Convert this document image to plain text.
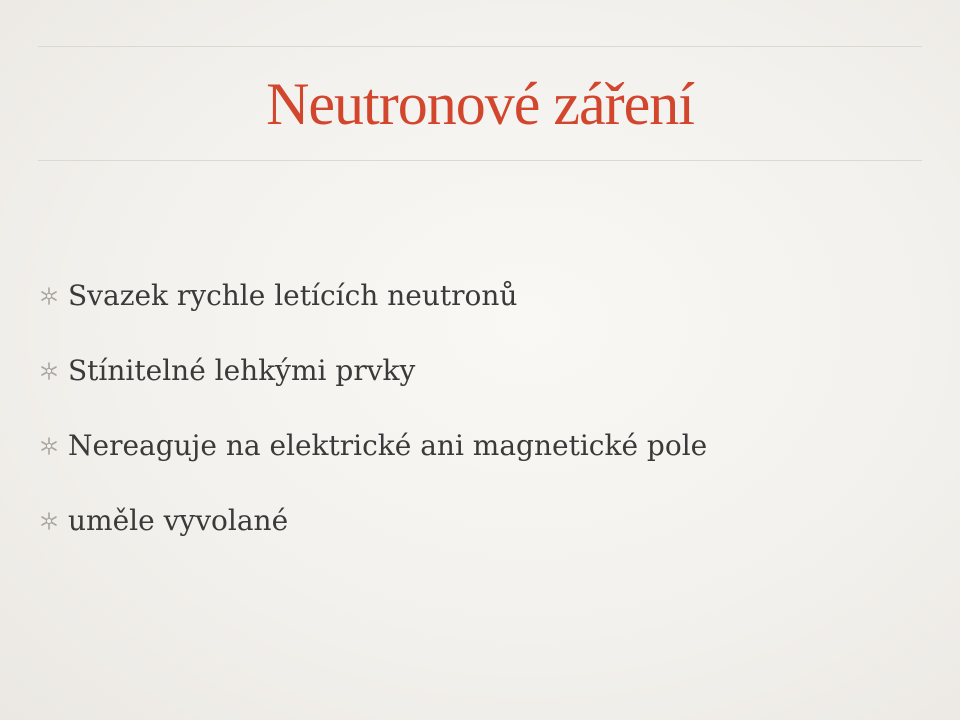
Neutronové záření
Svazek rychle letících neutronů
Stínitelné lehkými prvky
Nereaguje na elektrické ani magnetické pole
uměle vyvolané
